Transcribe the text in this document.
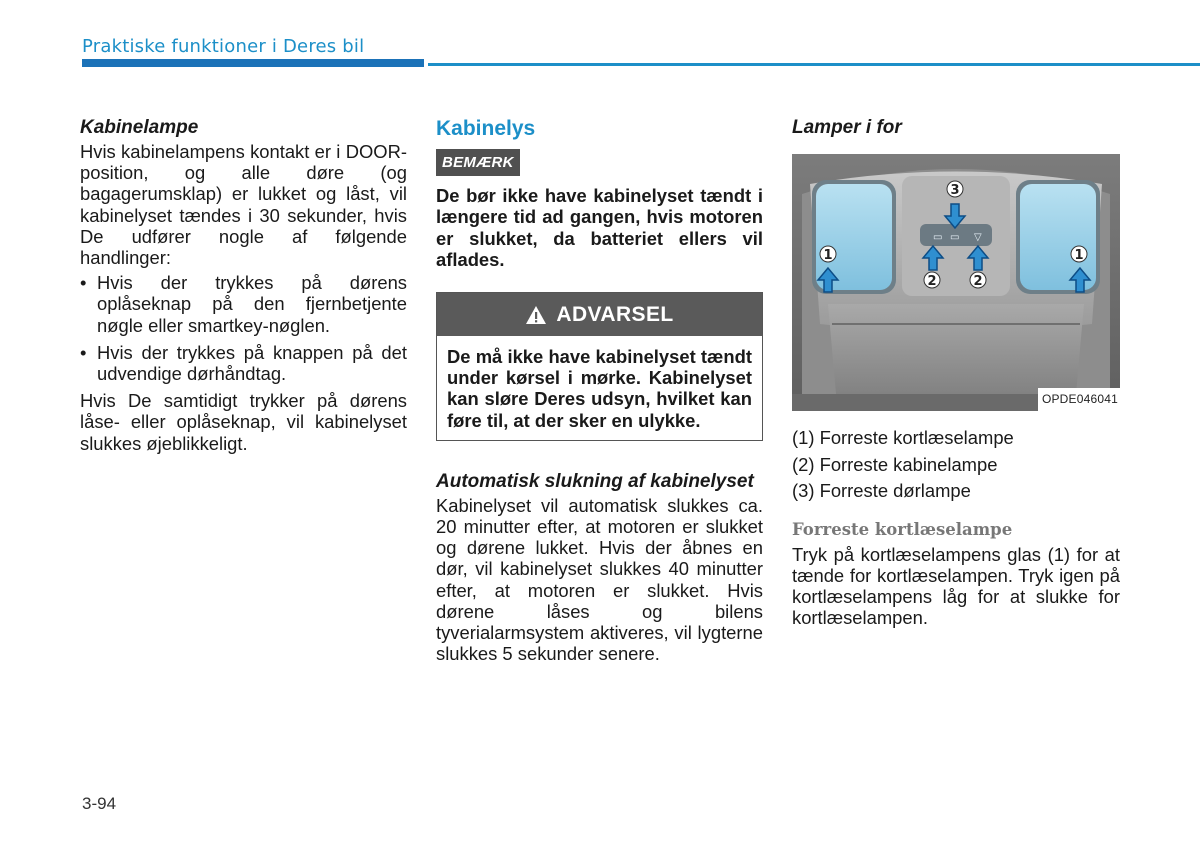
Praktiske funktioner i Deres bil

Kabinelampe

Hvis kabinelampens kontakt er i DOOR-position, og alle døre (og bagagerumsklap) er lukket og låst, vil kabinelyset tændes i 30 sekunder, hvis De udfører nogle af følgende handlinger:

• Hvis der trykkes på dørens oplåseknap på den fjernbetjente nøgle eller smartkey-nøglen.
• Hvis der trykkes på knappen på det udvendige dørhåndtag.

Hvis De samtidigt trykker på dørens låse- eller oplåseknap, vil kabinelyset slukkes øjeblikkeligt.

Kabinelys
BEMÆRK

De bør ikke have kabinelyset tændt i længere tid ad gangen, hvis motoren er slukket, da batteriet ellers vil aflades.

ADVARSEL
De må ikke have kabinelyset tændt under kørsel i mørke. Kabinelyset kan sløre Deres udsyn, hvilket kan føre til, at der sker en ulykke.

Automatisk slukning af kabinelyset

Kabinelyset vil automatisk slukkes ca. 20 minutter efter, at motoren er slukket og dørene lukket. Hvis der åbnes en dør, vil kabinelyset slukkes 40 minutter efter, at motoren er slukket. Hvis dørene låses og bilens tyverialarmsystem aktiveres, vil lygterne slukkes 5 sekunder senere.

Lamper i for

▭ ▭ ▽
1	1
2	2
3
OPDE046041

(1) Forreste kortlæselampe

(2) Forreste kabinelampe

(3) Forreste dørlampe

Forreste kortlæselampe

Tryk på kortlæselampens glas (1) for at tænde for kortlæselampen. Tryk igen på kortlæselampens låg for at slukke for kortlæselampen.

3-94
